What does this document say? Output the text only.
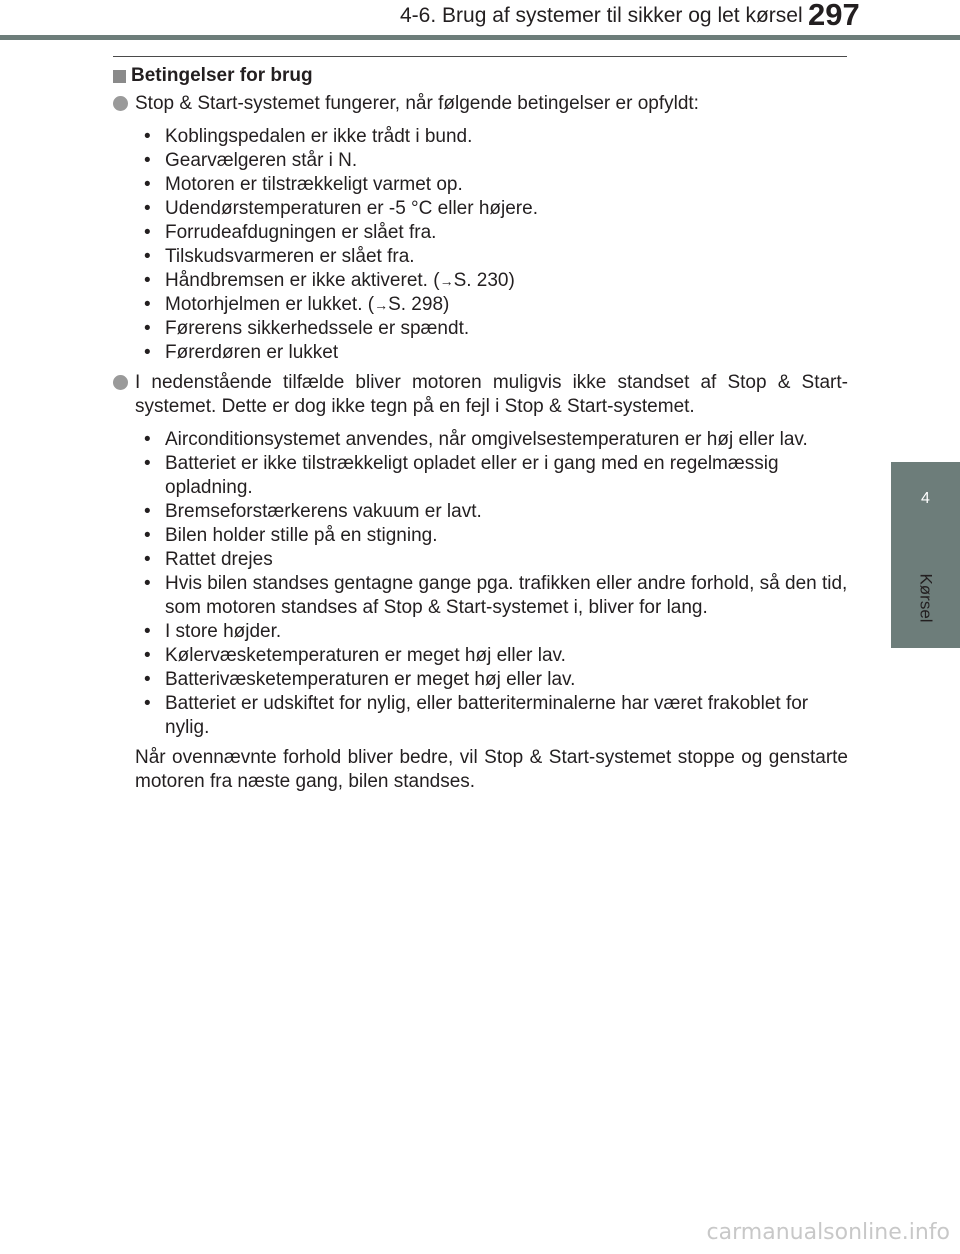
4-6. Brug af systemer til sikker og let kørsel 297
4
Kørsel
Betingelser for brug
Stop & Start-systemet fungerer, når følgende betingelser er opfyldt:
• Koblingspedalen er ikke trådt i bund.
• Gearvælgeren står i N.
• Motoren er tilstrækkeligt varmet op.
• Udendørstemperaturen er -5 °C eller højere.
• Forrudeafdugningen er slået fra.
• Tilskudsvarmeren er slået fra.
• Håndbremsen er ikke aktiveret. (→S. 230)
• Motorhjelmen er lukket. (→S. 298)
• Førerens sikkerhedssele er spændt.
• Førerdøren er lukket
I nedenstående tilfælde bliver motoren muligvis ikke standset af Stop & Start-systemet. Dette er dog ikke tegn på en fejl i Stop & Start-systemet.
• Airconditionsystemet anvendes, når omgivelsestemperaturen er høj eller lav.
• Batteriet er ikke tilstrækkeligt opladet eller er i gang med en regelmæssig opladning.
• Bremseforstærkerens vakuum er lavt.
• Bilen holder stille på en stigning.
• Rattet drejes
• Hvis bilen standses gentagne gange pga. trafikken eller andre forhold, så den tid, som motoren standses af Stop & Start-systemet i, bliver for lang.
• I store højder.
• Kølervæsketemperaturen er meget høj eller lav.
• Batterivæsketemperaturen er meget høj eller lav.
• Batteriet er udskiftet for nylig, eller batteriterminalerne har været frakoblet for nylig.
Når ovennævnte forhold bliver bedre, vil Stop & Start-systemet stoppe og genstarte motoren fra næste gang, bilen standses.
carmanualsonline.info
